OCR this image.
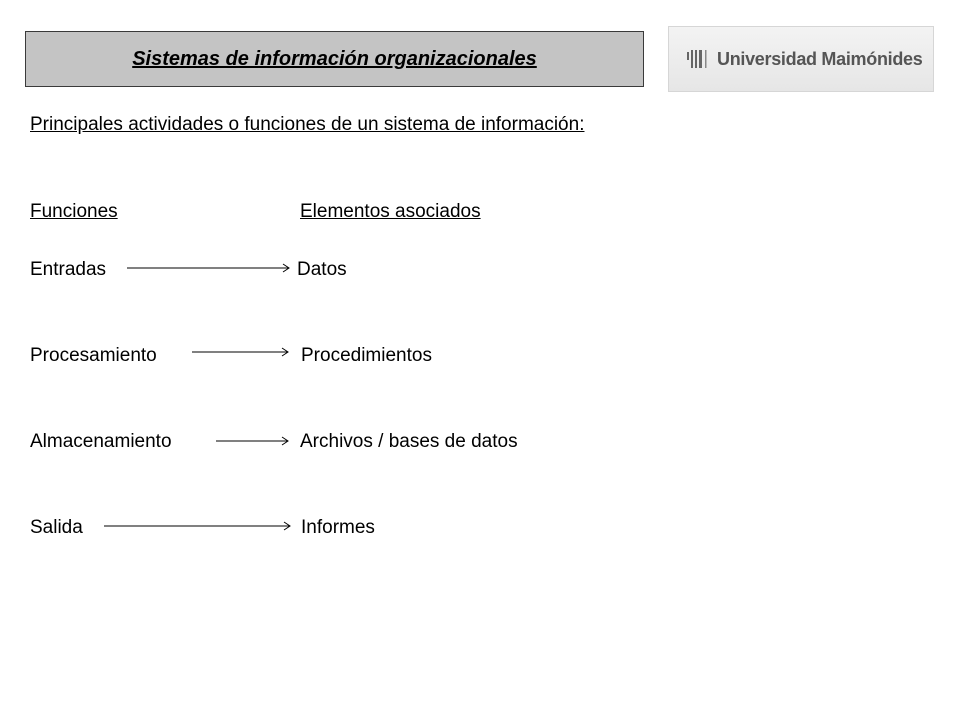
Sistemas de información organizacionales	Universidad Maimónides
Principales actividades o funciones de un sistema de información:
Funciones	Elementos asociados
Entradas	Datos
Procesamiento	Procedimientos
Almacenamiento	Archivos / bases de datos
Salida	Informes
